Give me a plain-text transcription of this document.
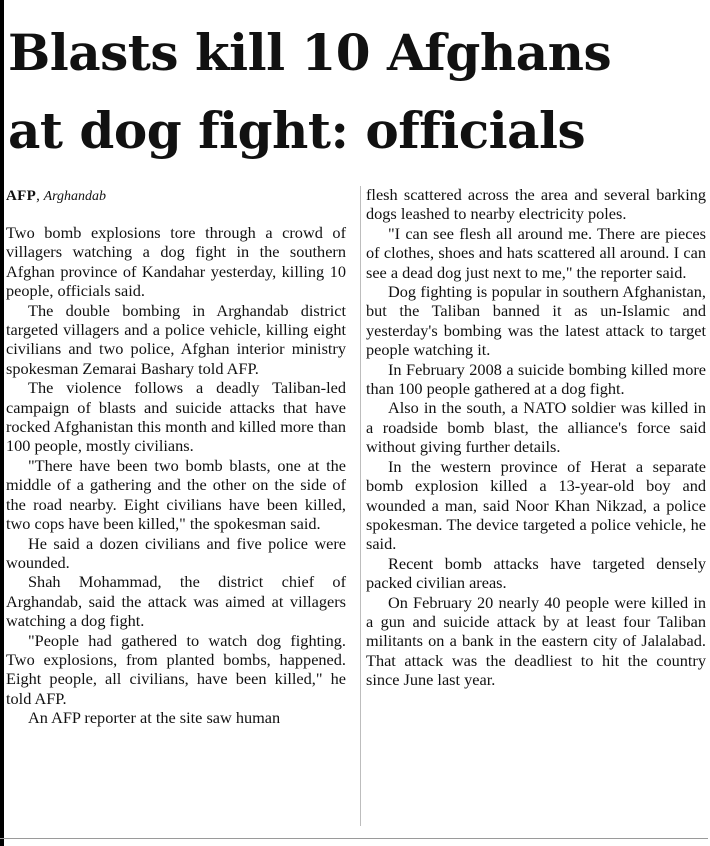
Blasts kill 10 Afghans
at dog fight: officials
AFP, Arghandab

Two bomb explosions tore through a crowd of villagers watching a dog fight in the southern Afghan province of Kandahar yesterday, killing 10 people, officials said.

The double bombing in Arghandab district targeted villagers and a police vehicle, killing eight civilians and two police, Afghan interior ministry spokesman Zemarai Bashary told AFP.

The violence follows a deadly Taliban-led campaign of blasts and suicide attacks that have rocked Afghanistan this month and killed more than 100 people, mostly civilians.

"There have been two bomb blasts, one at the middle of a gathering and the other on the side of the road nearby. Eight civilians have been killed, two cops have been killed," the spokesman said.

He said a dozen civilians and five police were wounded.

Shah Mohammad, the district chief of Arghandab, said the attack was aimed at villagers watching a dog fight.

"People had gathered to watch dog fighting. Two explosions, from planted bombs, happened. Eight people, all civilians, have been killed," he told AFP.

An AFP reporter at the site saw human

flesh scattered across the area and several barking dogs leashed to nearby electricity poles.

"I can see flesh all around me. There are pieces of clothes, shoes and hats scattered all around. I can see a dead dog just next to me," the reporter said.

Dog fighting is popular in southern Afghanistan, but the Taliban banned it as un-Islamic and yesterday's bombing was the latest attack to target people watching it.

In February 2008 a suicide bombing killed more than 100 people gathered at a dog fight.

Also in the south, a NATO soldier was killed in a roadside bomb blast, the alliance's force said without giving further details.

In the western province of Herat a separate bomb explosion killed a 13-year-old boy and wounded a man, said Noor Khan Nikzad, a police spokesman. The device targeted a police vehicle, he said.

Recent bomb attacks have targeted densely packed civilian areas.

On February 20 nearly 40 people were killed in a gun and suicide attack by at least four Taliban militants on a bank in the eastern city of Jalalabad. That attack was the deadliest to hit the country since June last year.
